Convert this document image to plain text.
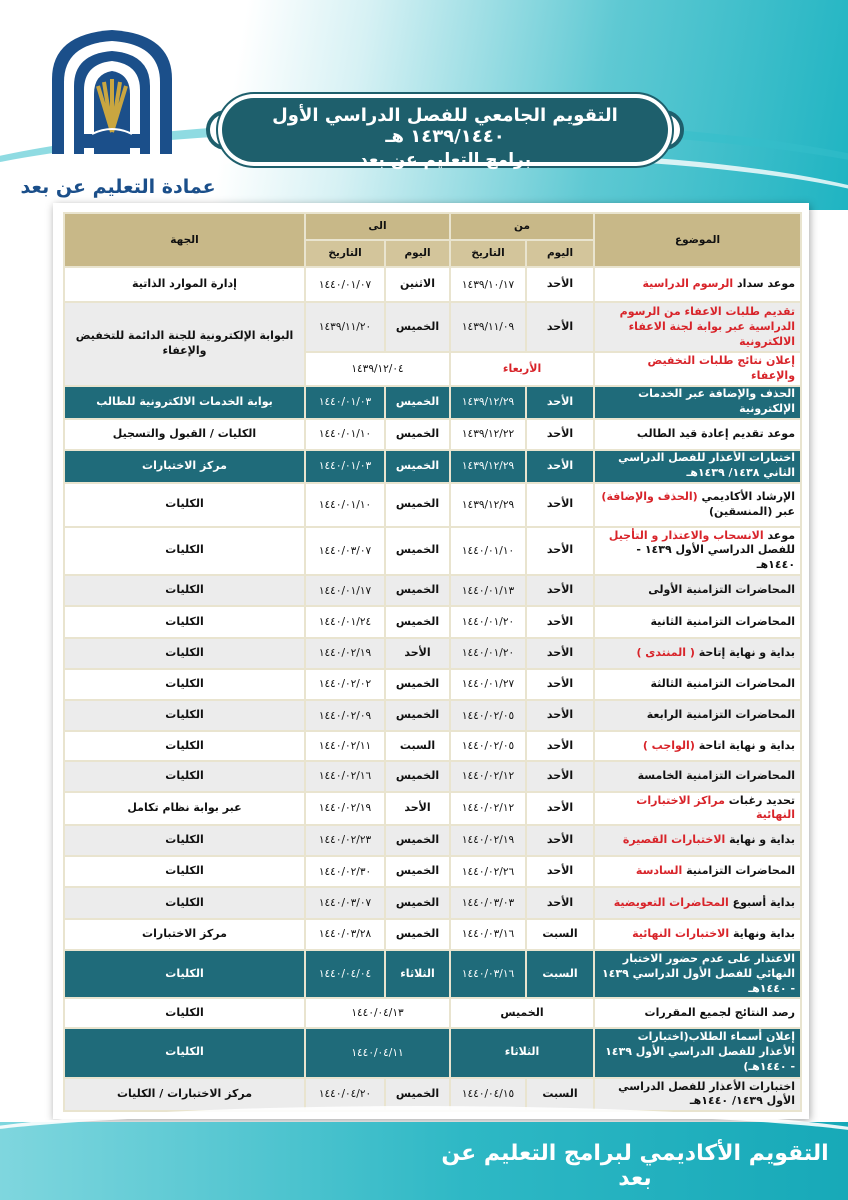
عمادة التعليم عن بعد
التقويم الجامعي للفصل الدراسي الأول ١٤٣٩/١٤٤٠ هـ
برامج التعليم عن بعد
الموضوع	من		الى		الجهة
	اليوم	التاريخ	اليوم	التاريخ	
موعد سداد الرسوم الدراسية	الأحد	١٤٣٩/١٠/١٧	الاثنين	١٤٤٠/٠١/٠٧	إدارة الموارد الذاتية
تقديم طلبات الاعفاء من الرسوم الدراسية عبر بوابة لجنة الاعفاء الالكترونية	الأحد	١٤٣٩/١١/٠٩	الخميس	١٤٣٩/١١/٢٠	البوابة الإلكترونية للجنة الدائمة للتخفيض والإعفاء
إعلان نتائج طلبات التخفيض والإعفاء	الأربعاء		١٤٣٩/١٢/٠٤		
الحذف والإضافة عبر الخدمات الإلكترونية	الأحد	١٤٣٩/١٢/٢٩	الخميس	١٤٤٠/٠١/٠٣	بوابة الخدمات الالكترونية للطالب
موعد تقديم إعادة قيد الطالب	الأحد	١٤٣٩/١٢/٢٢	الخميس	١٤٤٠/٠١/١٠	الكليات / القبول والتسجيل
اختبارات الأعذار للفصل الدراسي الثاني ١٤٣٨/ ١٤٣٩هـ	الأحد	١٤٣٩/١٢/٢٩	الخميس	١٤٤٠/٠١/٠٣	مركز الاختبارات
الإرشاد الأكاديمي (الحذف والإضافة) عبر (المنسقين)	الأحد	١٤٣٩/١٢/٢٩	الخميس	١٤٤٠/٠١/١٠	الكليات
موعد الانسحاب والاعتذار و التأجيل للفصل الدراسي الأول ١٤٣٩ - ١٤٤٠هـ	الأحد	١٤٤٠/٠١/١٠	الخميس	١٤٤٠/٠٣/٠٧	الكليات
المحاضرات التزامنية الأولى	الأحد	١٤٤٠/٠١/١٣	الخميس	١٤٤٠/٠١/١٧	الكليات
المحاضرات التزامنية الثانية	الأحد	١٤٤٠/٠١/٢٠	الخميس	١٤٤٠/٠١/٢٤	الكليات
بداية و نهاية إتاحة ( المنتدى )	الأحد	١٤٤٠/٠١/٢٠	الأحد	١٤٤٠/٠٢/١٩	الكليات
المحاضرات التزامنية الثالثة	الأحد	١٤٤٠/٠١/٢٧	الخميس	١٤٤٠/٠٢/٠٢	الكليات
المحاضرات التزامنية الرابعة	الأحد	١٤٤٠/٠٢/٠٥	الخميس	١٤٤٠/٠٢/٠٩	الكليات
بداية و نهاية اتاحة (الواجب )	الأحد	١٤٤٠/٠٢/٠٥	السبت	١٤٤٠/٠٢/١١	الكليات
المحاضرات التزامنية الخامسة	الأحد	١٤٤٠/٠٢/١٢	الخميس	١٤٤٠/٠٢/١٦	الكليات
تحديد رغبات مراكز الاختبارات النهائية	الأحد	١٤٤٠/٠٢/١٢	الأحد	١٤٤٠/٠٢/١٩	عبر بوابة نظام تكامل
بداية و نهاية الاختبارات القصيرة	الأحد	١٤٤٠/٠٢/١٩	الخميس	١٤٤٠/٠٢/٢٣	الكليات
المحاضرات التزامنية السادسة	الأحد	١٤٤٠/٠٢/٢٦	الخميس	١٤٤٠/٠٢/٣٠	الكليات
بداية أسبوع المحاضرات التعويضية	الأحد	١٤٤٠/٠٣/٠٣	الخميس	١٤٤٠/٠٣/٠٧	الكليات
بداية ونهاية الاختبارات النهائية	السبت	١٤٤٠/٠٣/١٦	الخميس	١٤٤٠/٠٣/٢٨	مركز الاختبارات
الاعتذار على عدم حضور الاختبار النهائي للفصل الأول الدراسي ١٤٣٩ - ١٤٤٠هـ	السبت	١٤٤٠/٠٣/١٦	الثلاثاء	١٤٤٠/٠٤/٠٤	الكليات
رصد النتائج لجميع المقررات	الخميس		١٤٤٠/٠٤/١٣		الكليات
إعلان أسماء الطلاب(اختبارات الأعذار للفصل الدراسي الأول ١٤٣٩ - ١٤٤٠هـ)	الثلاثاء		١٤٤٠/٠٤/١١		الكليات
اختبارات الأعذار للفصل الدراسي الأول ١٤٣٩/ ١٤٤٠هـ	السبت	١٤٤٠/٠٤/١٥	الخميس	١٤٤٠/٠٤/٢٠	مركز الاختبارات / الكليات
التقويم الأكاديمي لبرامج التعليم عن بعد
